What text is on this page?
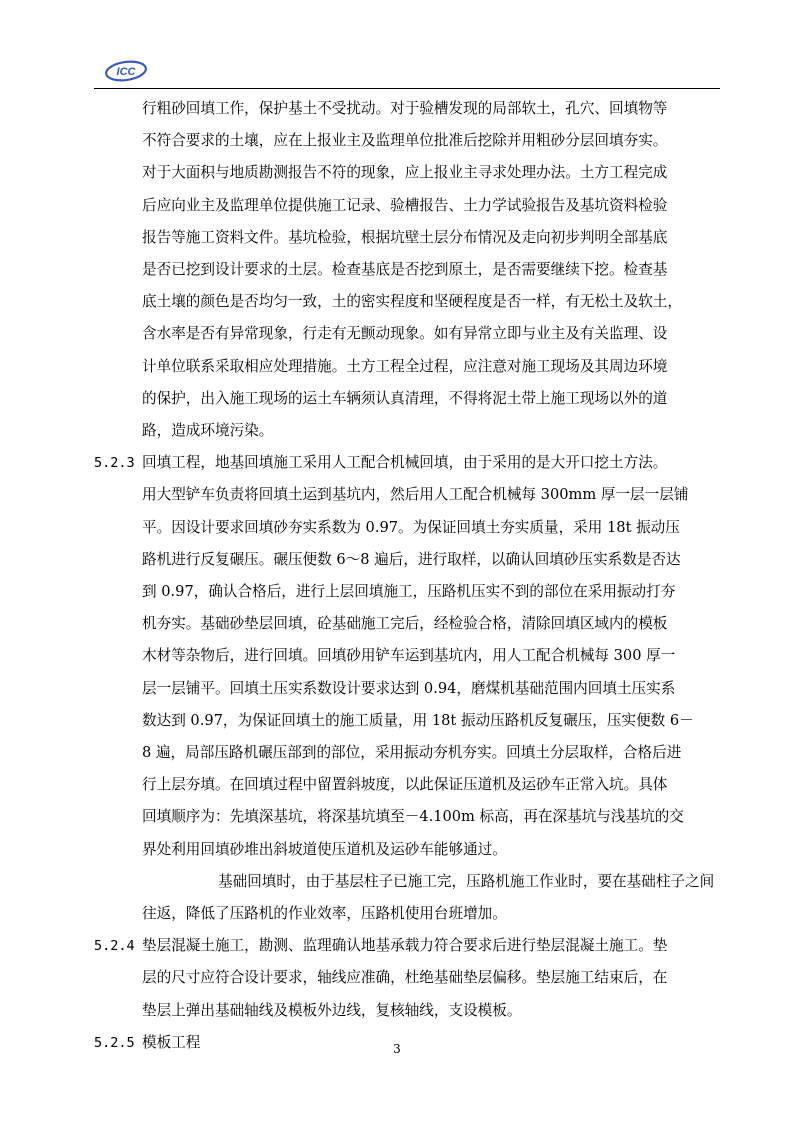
ICC
行粗砂回填工作，保护基土不受扰动。对于验槽发现的局部软土，孔穴、回填物等
不符合要求的土壤，应在上报业主及监理单位批准后挖除并用粗砂分层回填夯实。
对于大面积与地质勘测报告不符的现象，应上报业主寻求处理办法。土方工程完成
后应向业主及监理单位提供施工记录、验槽报告、土力学试验报告及基坑资料检验
报告等施工资料文件。基坑检验，根据坑壁土层分布情况及走向初步判明全部基底
是否已挖到设计要求的土层。检查基底是否挖到原土，是否需要继续下挖。检查基
底土壤的颜色是否均匀一致，土的密实程度和坚硬程度是否一样，有无松土及软土，
含水率是否有异常现象，行走有无颤动现象。如有异常立即与业主及有关监理、设
计单位联系采取相应处理措施。土方工程全过程，应注意对施工现场及其周边环境
的保护，出入施工现场的运土车辆须认真清理，不得将泥土带上施工现场以外的道
路，造成环境污染。
5.2.3 回填工程，地基回填施工采用人工配合机械回填，由于采用的是大开口挖土方法。
用大型铲车负责将回填土运到基坑内，然后用人工配合机械每 300mm 厚一层一层铺
平。因设计要求回填砂夯实系数为 0.97。为保证回填土夯实质量，采用 18t 振动压
路机进行反复碾压。碾压便数 6～8 遍后，进行取样，以确认回填砂压实系数是否达
到 0.97，确认合格后，进行上层回填施工，压路机压实不到的部位在采用振动打夯
机夯实。基础砂垫层回填，砼基础施工完后，经检验合格，清除回填区域内的模板
木材等杂物后，进行回填。回填砂用铲车运到基坑内，用人工配合机械每 300 厚一
层一层铺平。回填土压实系数设计要求达到 0.94，磨煤机基础范围内回填土压实系
数达到 0.97，为保证回填土的施工质量，用 18t 振动压路机反复碾压，压实便数 6－
8 遍，局部压路机碾压部到的部位，采用振动夯机夯实。回填土分层取样，合格后进
行上层夯填。在回填过程中留置斜坡度，以此保证压道机及运砂车正常入坑。具体
回填顺序为：先填深基坑，将深基坑填至－4.100m 标高，再在深基坑与浅基坑的交
界处利用回填砂堆出斜坡道使压道机及运砂车能够通过。
基础回填时，由于基层柱子已施工完，压路机施工作业时，要在基础柱子之间
往返，降低了压路机的作业效率，压路机使用台班增加。
5.2.4 垫层混凝土施工，勘测、监理确认地基承载力符合要求后进行垫层混凝土施工。垫
层的尺寸应符合设计要求，轴线应准确，杜绝基础垫层偏移。垫层施工结束后，在
垫层上弹出基础轴线及模板外边线，复核轴线，支设模板。
5.2.5 模板工程	3
